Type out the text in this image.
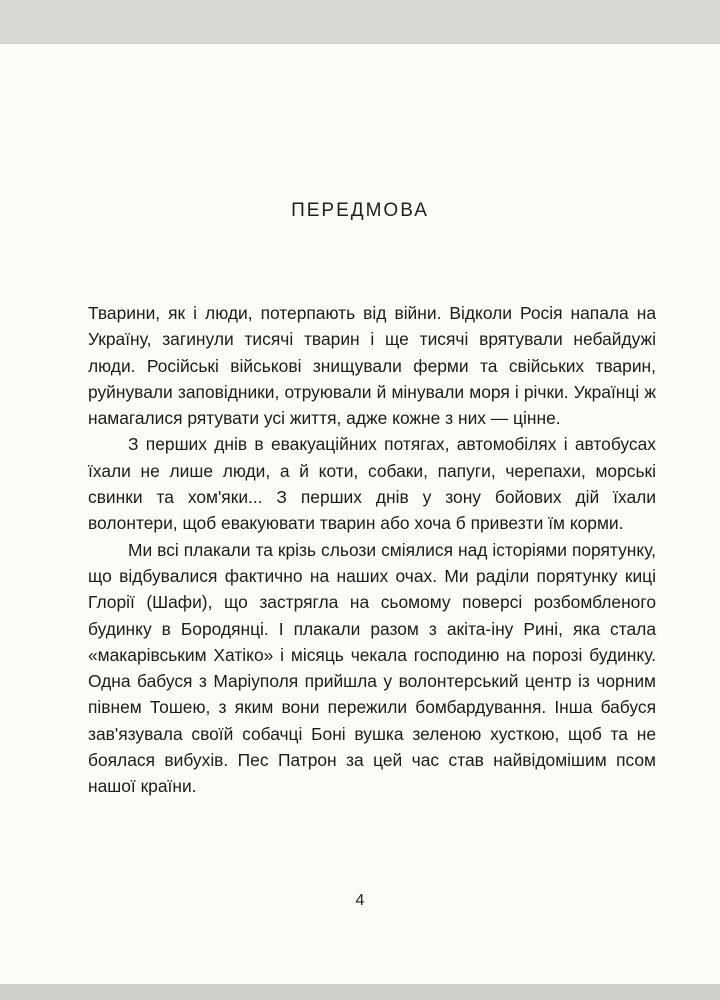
ПЕРЕДМОВА

Тварини, як і люди, потерпають від війни. Відколи Росія напала на Україну, загинули тисячі тварин і ще тисячі врятували небайдужі люди. Російські військові знищували ферми та свійських тварин, руйнували заповідники, отруювали й мінували моря і річки. Українці ж намагалися рятувати усі життя, адже кожне з них — цінне.

З перших днів в евакуаційних потягах, автомобілях і автобусах їхали не лише люди, а й коти, собаки, папуги, черепахи, морські свинки та хом'яки... З перших днів у зону бойових дій їхали волонтери, щоб евакуювати тварин або хоча б привезти їм корми.

Ми всі плакали та крізь сльози сміялися над історіями порятунку, що відбувалися фактично на наших очах. Ми раділи порятунку киці Глорії (Шафи), що застрягла на сьомому поверсі розбомбленого будинку в Бородянці. І плакали разом з акіта-іну Рині, яка стала «макарівським Хатіко» і місяць чекала господиню на порозі будинку. Одна бабуся з Маріуполя прийшла у волонтерський центр із чорним півнем Тошею, з яким вони пережили бомбардування. Інша бабуся зав'язувала своїй собачці Боні вушка зеленою хусткою, щоб та не боялася вибухів. Пес Патрон за цей час став найвідомішим псом нашої країни.

4
